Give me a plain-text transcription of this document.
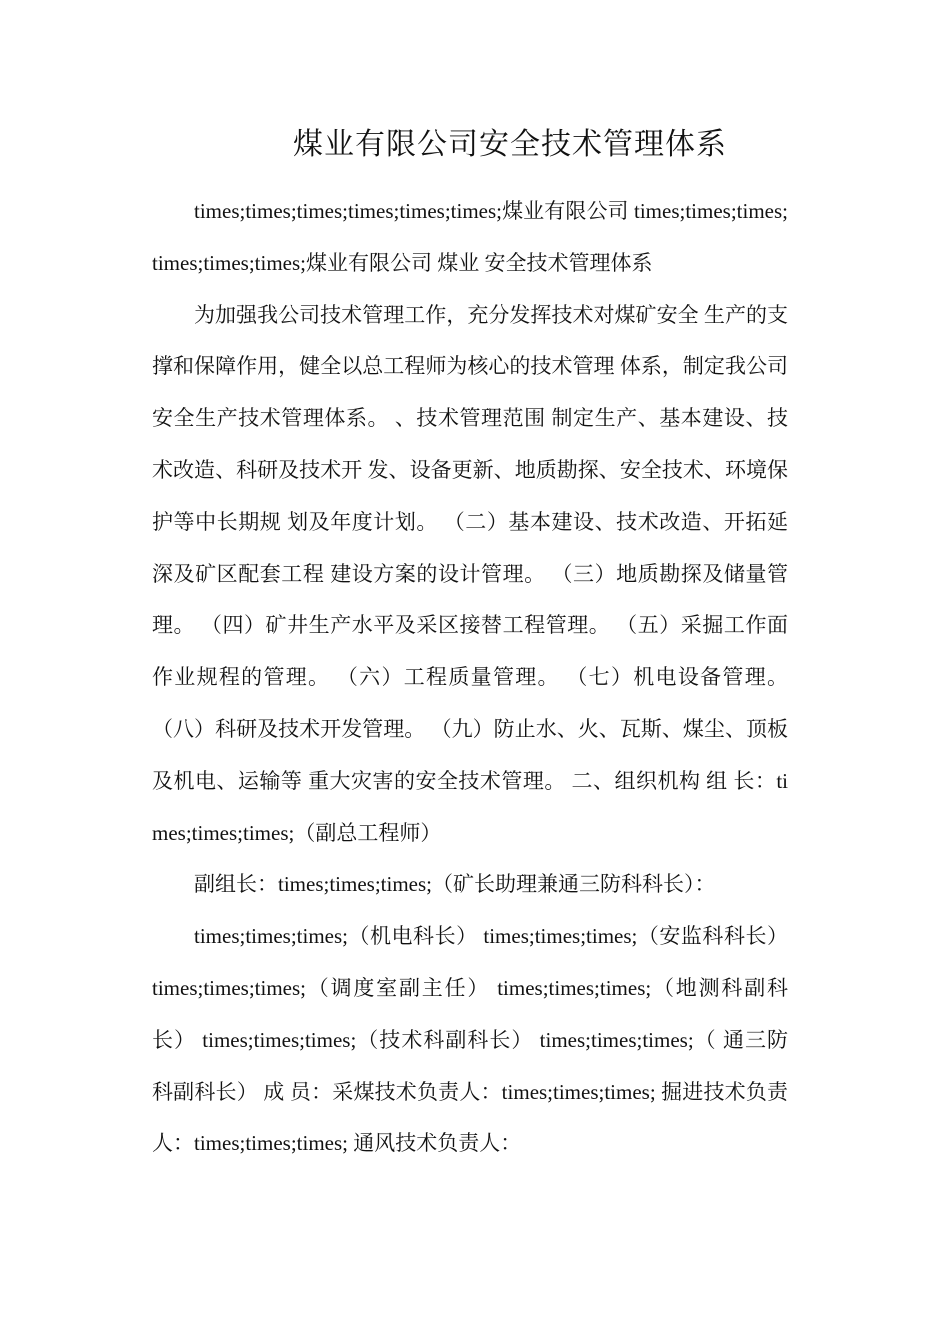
煤业有限公司安全技术管理体系

times;times;times;times;times;times;煤业有限公司 times;times;times;times;times;times;煤业有限公司 煤业 安全技术管理体系

为加强我公司技术管理工作，充分发挥技术对煤矿安全 生产的支撑和保障作用，健全以总工程师为核心的技术管理 体系，制定我公司安全生产技术管理体系。 、技术管理范围 制定生产、基本建设、技术改造、科研及技术开 发、设备更新、地质勘探、安全技术、环境保护等中长期规 划及年度计划。 （二）基本建设、技术改造、开拓延深及矿区配套工程 建设方案的设计管理。 （三）地质勘探及储量管理。 （四）矿井生产水平及采区接替工程管理。 （五）采掘工作面作业规程的管理。 （六）工程质量管理。 （七）机电设备管理。 （八）科研及技术开发管理。 （九）防止水、火、瓦斯、煤尘、顶板及机电、运输等 重大灾害的安全技术管理。 二、组织机构 组 长：times;times;times;（副总工程师）

副组长：times;times;times;（矿长助理兼通三防科科长）：

times;times;times;（机电科长） times;times;times;（安监科科长） times;times;times;（调度室副主任） times;times;times;（地测科副科长） times;times;times;（技术科副科长） times;times;times;（ 通三防科副科长） 成 员：采煤技术负责人：times;times;times; 掘进技术负责人：times;times;times; 通风技术负责人：
